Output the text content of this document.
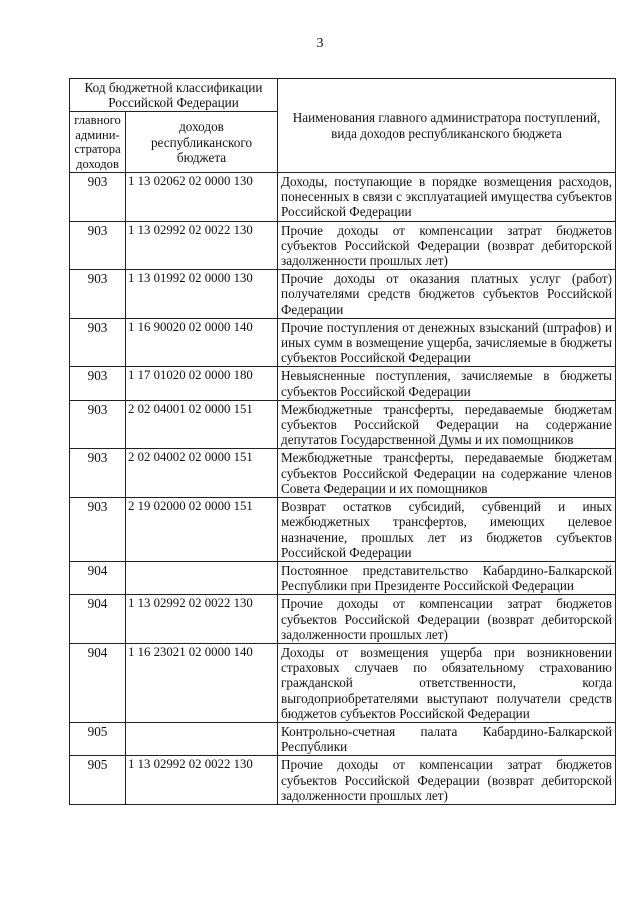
3
Код бюджетной классификации Российской Федерации		Наименования главного администратора поступлений, вида доходов республиканского бюджета
главного админи-стратора доходов	доходов республиканского бюджета	
903	1 13 02062 02 0000 130	Доходы, поступающие в порядке возмещения расходов, понесенных в связи с эксплуатацией имущества субъектов Российской Федерации
903	1 13 02992 02 0022 130	Прочие доходы от компенсации затрат бюджетов субъектов Российской Федерации (возврат дебиторской задолженности прошлых лет)
903	1 13 01992 02 0000 130	Прочие доходы от оказания платных услуг (работ) получателями средств бюджетов субъектов Российской Федерации
903	1 16 90020 02 0000 140	Прочие поступления от денежных взысканий (штрафов) и иных сумм в возмещение ущерба, зачисляемые в бюджеты субъектов Российской Федерации
903	1 17 01020 02 0000 180	Невыясненные поступления, зачисляемые в бюджеты субъектов Российской Федерации
903	2 02 04001 02 0000 151	Межбюджетные трансферты, передаваемые бюджетам субъектов Российской Федерации на содержание депутатов Государственной Думы и их помощников
903	2 02 04002 02 0000 151	Межбюджетные трансферты, передаваемые бюджетам субъектов Российской Федерации на содержание членов Совета Федерации и их помощников
903	2 19 02000 02 0000 151	Возврат остатков субсидий, субвенций и иных межбюджетных трансфертов, имеющих целевое назначение, прошлых лет из бюджетов субъектов Российской Федерации
904		Постоянное представительство Кабардино-Балкарской Республики при Президенте Российской Федерации
904	1 13 02992 02 0022 130	Прочие доходы от компенсации затрат бюджетов субъектов Российской Федерации (возврат дебиторской задолженности прошлых лет)
904	1 16 23021 02 0000 140	Доходы от возмещения ущерба при возникновении страховых случаев по обязательному страхованию гражданской ответственности, когда выгодоприобретателями выступают получатели средств бюджетов субъектов Российской Федерации
905		Контрольно-счетная палата Кабардино-Балкарской Республики
905	1 13 02992 02 0022 130	Прочие доходы от компенсации затрат бюджетов субъектов Российской Федерации (возврат дебиторской задолженности прошлых лет)
